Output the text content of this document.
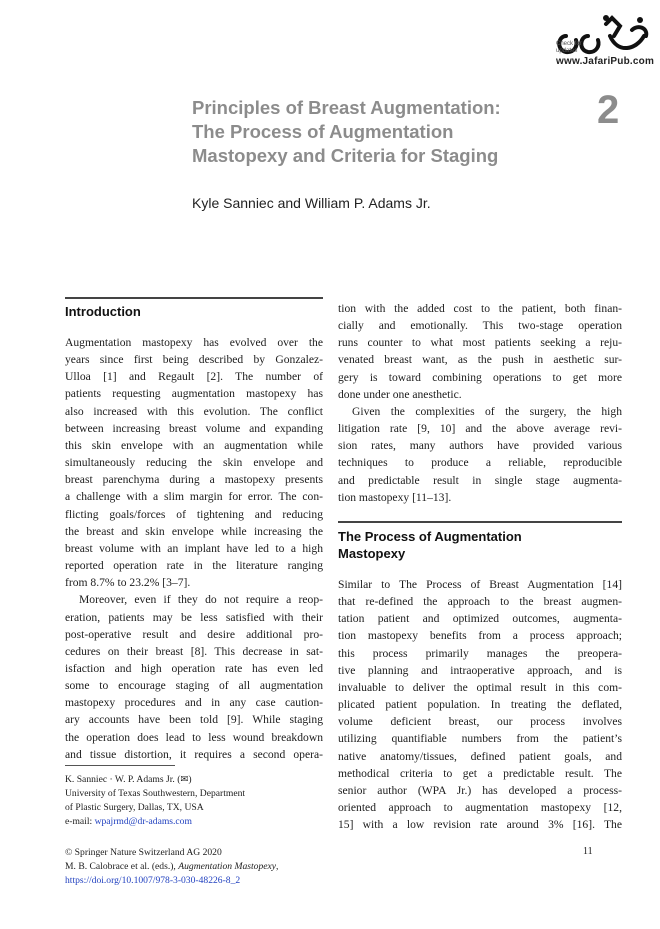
Check for updates
www.JafariPub.com
Principles of Breast Augmentation:
The Process of Augmentation
Mastopexy and Criteria for Staging
2
Kyle Sanniec and William P. Adams Jr.
Introduction
The Process of Augmentation
Mastopexy
Augmentation mastopexy has evolved over the
years since first being described by Gonzalez-
Ulloa [1] and Regault [2]. The number of
patients requesting augmentation mastopexy has
also increased with this evolution. The conflict
between increasing breast volume and expanding
this skin envelope with an augmentation while
simultaneously reducing the skin envelope and
breast parenchyma during a mastopexy presents
a challenge with a slim margin for error. The con-
flicting goals/forces of tightening and reducing
the breast and skin envelope while increasing the
breast volume with an implant have led to a high
reported operation rate in the literature ranging
from 8.7% to 23.2% [3–7].
Moreover, even if they do not require a reop-
eration, patients may be less satisfied with their
post-operative result and desire additional pro-
cedures on their breast [8]. This decrease in sat-
isfaction and high operation rate has even led
some to encourage staging of all augmentation
mastopexy procedures and in any case caution-
ary accounts have been told [9]. While staging
the operation does lead to less wound breakdown
and tissue distortion, it requires a second opera-
tion with the added cost to the patient, both finan-
cially and emotionally. This two-stage operation
runs counter to what most patients seeking a reju-
venated breast want, as the push in aesthetic sur-
gery is toward combining operations to get more
done under one anesthetic.
Given the complexities of the surgery, the high
litigation rate [9, 10] and the above average revi-
sion rates, many authors have provided various
techniques to produce a reliable, reproducible
and predictable result in single stage augmenta-
tion mastopexy [11–13].
Similar to The Process of Breast Augmentation [14]
that re-defined the approach to the breast augmen-
tation patient and optimized outcomes, augmenta-
tion mastopexy benefits from a process approach;
this process primarily manages the preopera-
tive planning and intraoperative approach, and is
invaluable to deliver the optimal result in this com-
plicated patient population. In treating the deflated,
volume deficient breast, our process involves
utilizing quantifiable numbers from the patient’s
native anatomy/tissues, defined patient goals, and
methodical criteria to get a predictable result. The
senior author (WPA Jr.) has developed a process-
oriented approach to augmentation mastopexy [12,
15] with a low revision rate around 3% [16]. The
K. Sanniec · W. P. Adams Jr. (✉)
University of Texas Southwestern, Department
of Plastic Surgery, Dallas, TX, USA
e-mail: wpajrmd@dr-adams.com
© Springer Nature Switzerland AG 2020
M. B. Calobrace et al. (eds.), Augmentation Mastopexy,
https://doi.org/10.1007/978-3-030-48226-8_2
11
